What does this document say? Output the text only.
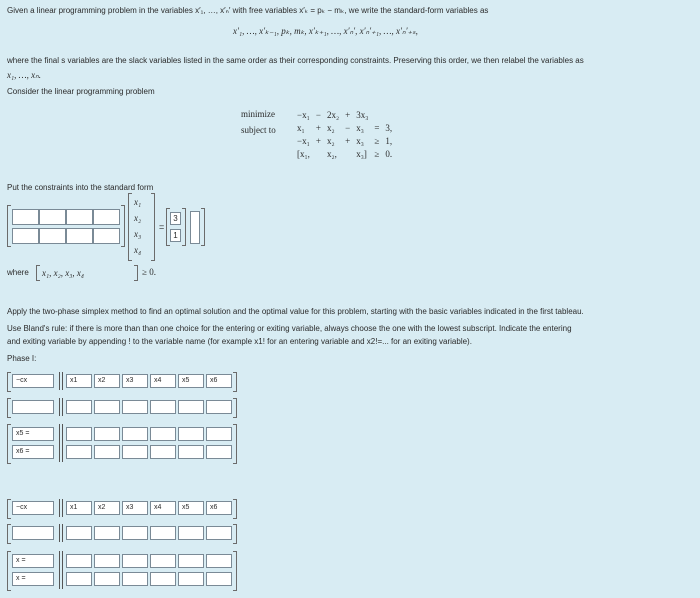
Given a linear programming problem in the variables x′₁, …, x′ₙ′ with free variables x′ₖ = pₖ − mₖ, we write the standard-form variables as
x′₁, …, x′ₖ₋₁, pₖ, mₖ, x′ₖ₊₁, …, x′ₙ′, x′ₙ′₊₁, …, x′ₙ′₊ₛ,
where the final s variables are the slack variables listed in the same order as their corresponding constraints. Preserving this order, we then relabel the variables as
x₁, …, xₙ.
Consider the linear programming problem
minimize
subject to
−x₁	−	2x₂	+	3x₃		
x₁	+	x₂	−	x₃	=	3,
−x₁	+	x₂	+	x₃	≥	1,
[x₁,		x₂,		x₃]	≥	0.
Put the constraints into the standard form
x₁
x₂
x₃
x₄
=
3
1
where x₁, x₂, x₃, x₄	≥ 0.
Apply the two-phase simplex method to find an optimal solution and the optimal value for this problem, starting with the basic variables indicated in the first tableau.
Use Bland's rule: if there is more than than one choice for the entering or exiting variable, always choose the one with the lowest subscript. Indicate the entering
and exiting variable by appending ! to the variable name (for example x1! for an entering variable and x2!=... for an exiting variable).
Phase I:
−cx	x1	x2	x3	x4	x5	x6
x5 =
x6 =
−cx	x1	x2	x3	x4	x5	x6
x =
x =
